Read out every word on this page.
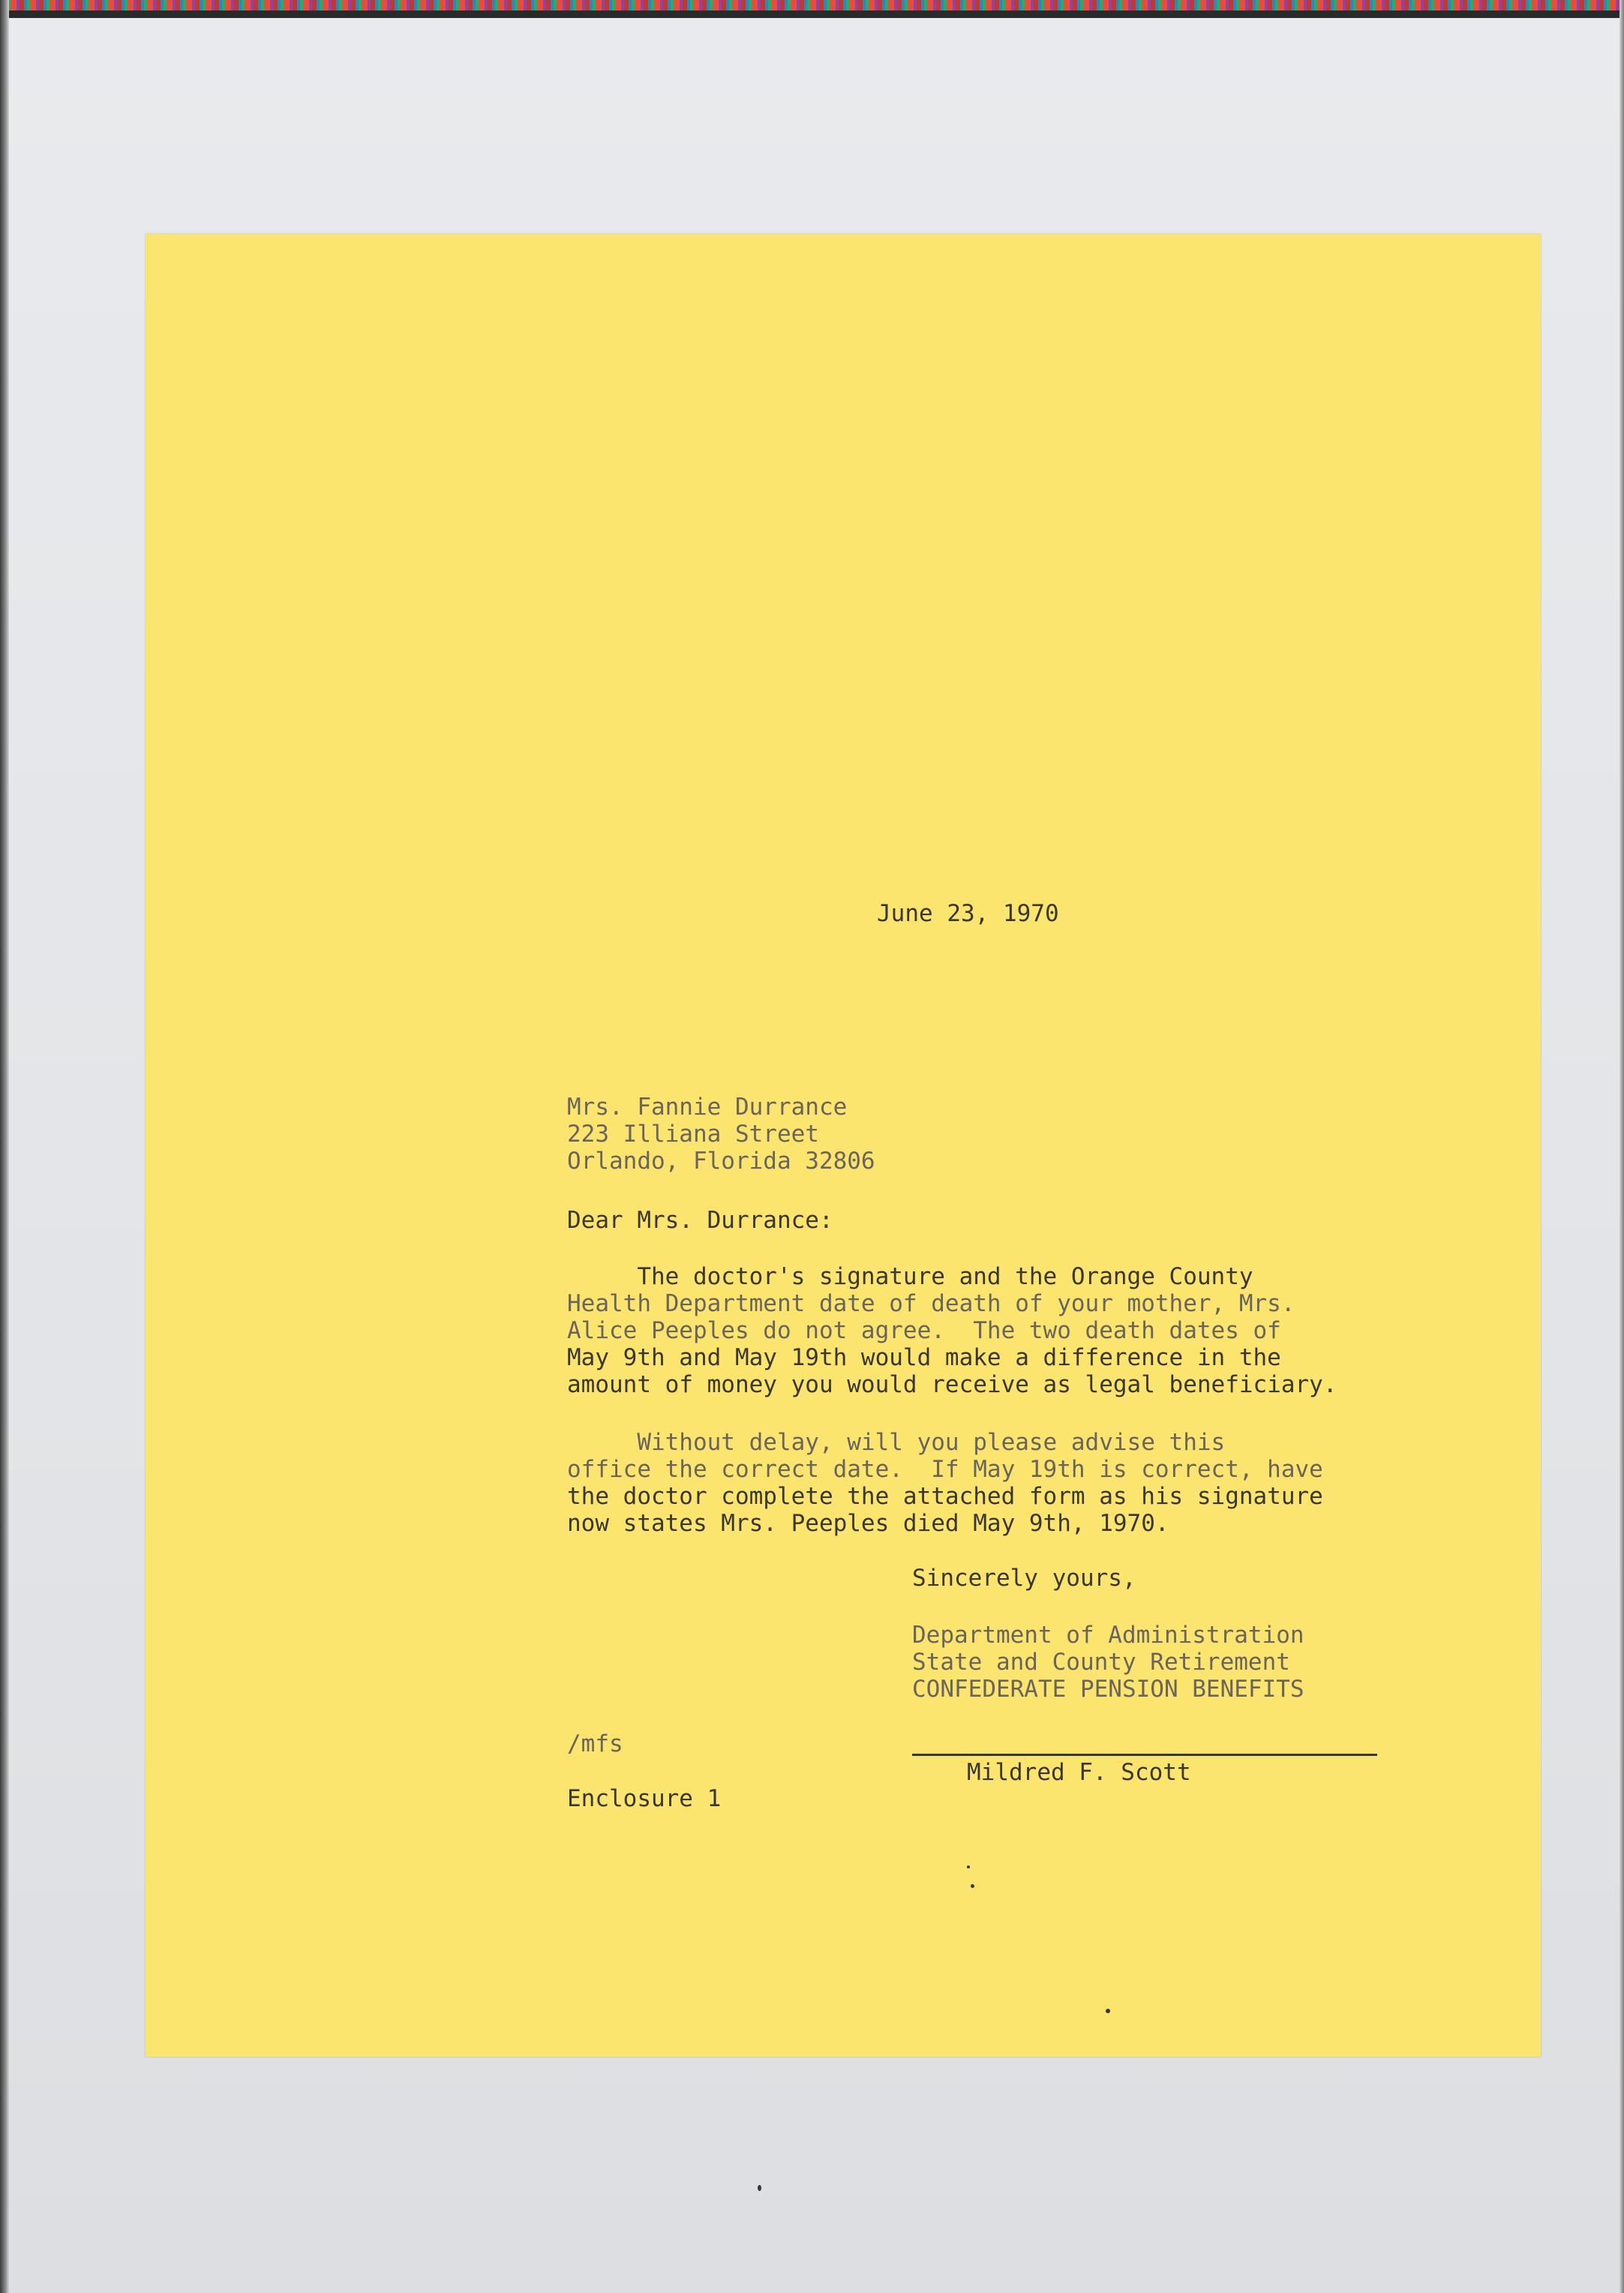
June 23, 1970

Mrs. Fannie Durrance
223 Illiana Street
Orlando, Florida 32806

Dear Mrs. Durrance:

The doctor's signature and the Orange County
Health Department date of death of your mother, Mrs.
Alice Peeples do not agree.  The two death dates of
May 9th and May 19th would make a difference in the
amount of money you would receive as legal beneficiary.
Without delay, will you please advise this
office the correct date.  If May 19th is correct, have
the doctor complete the attached form as his signature
now states Mrs. Peeples died May 9th, 1970.

Sincerely yours,

Department of Administration
State and County Retirement
CONFEDERATE PENSION BENEFITS

/mfs

Mildred F. Scott

Enclosure 1
